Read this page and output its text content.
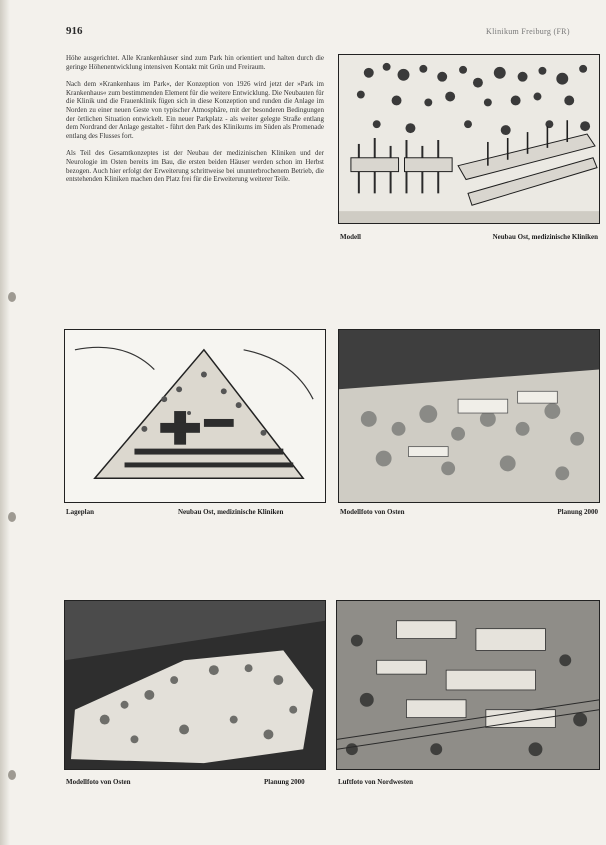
916	Klinikum Freiburg (FR)

Höhe ausgerichtet. Alle Krankenhäuser sind zum Park hin orientiert und halten durch die geringe Höhenentwicklung intensiven Kontakt mit Grün und Freiraum.

Nach dem »Krankenhaus im Park«, der Konzeption von 1926 wird jetzt der »Park im Krankenhaus« zum bestimmenden Element für die weitere Entwicklung. Die Neubauten für die Klinik und die Frauenklinik fügen sich in diese Konzeption und runden die Anlage im Norden zu einer neuen Geste von typischer Atmosphäre, mit der besonderen Bedingungen der örtlichen Situation entwickelt. Ein neuer Parkplatz - als weiter gelegte Straße entlang dem Nordrand der Anlage gestaltet - führt den Park des Klinikums im Süden als Promenade entlang des Flusses fort.

Als Teil des Gesamtkonzeptes ist der Neubau der medizinischen Kliniken und der Neurologie im Osten bereits im Bau, die ersten beiden Häuser werden schon im Herbst bezogen. Auch hier erfolgt der Erweiterung schrittweise bei ununterbrochenem Betrieb, die entstehenden Kliniken machen den Platz frei für die Erweiterung weiterer Teile.

Modell	Neubau Ost, medizinische Kliniken
Lageplan	Neubau Ost, medizinische Kliniken	Modellfoto von Osten	Planung 2000
Modellfoto von Osten	Planung 2000	Luftfoto von Nordwesten
